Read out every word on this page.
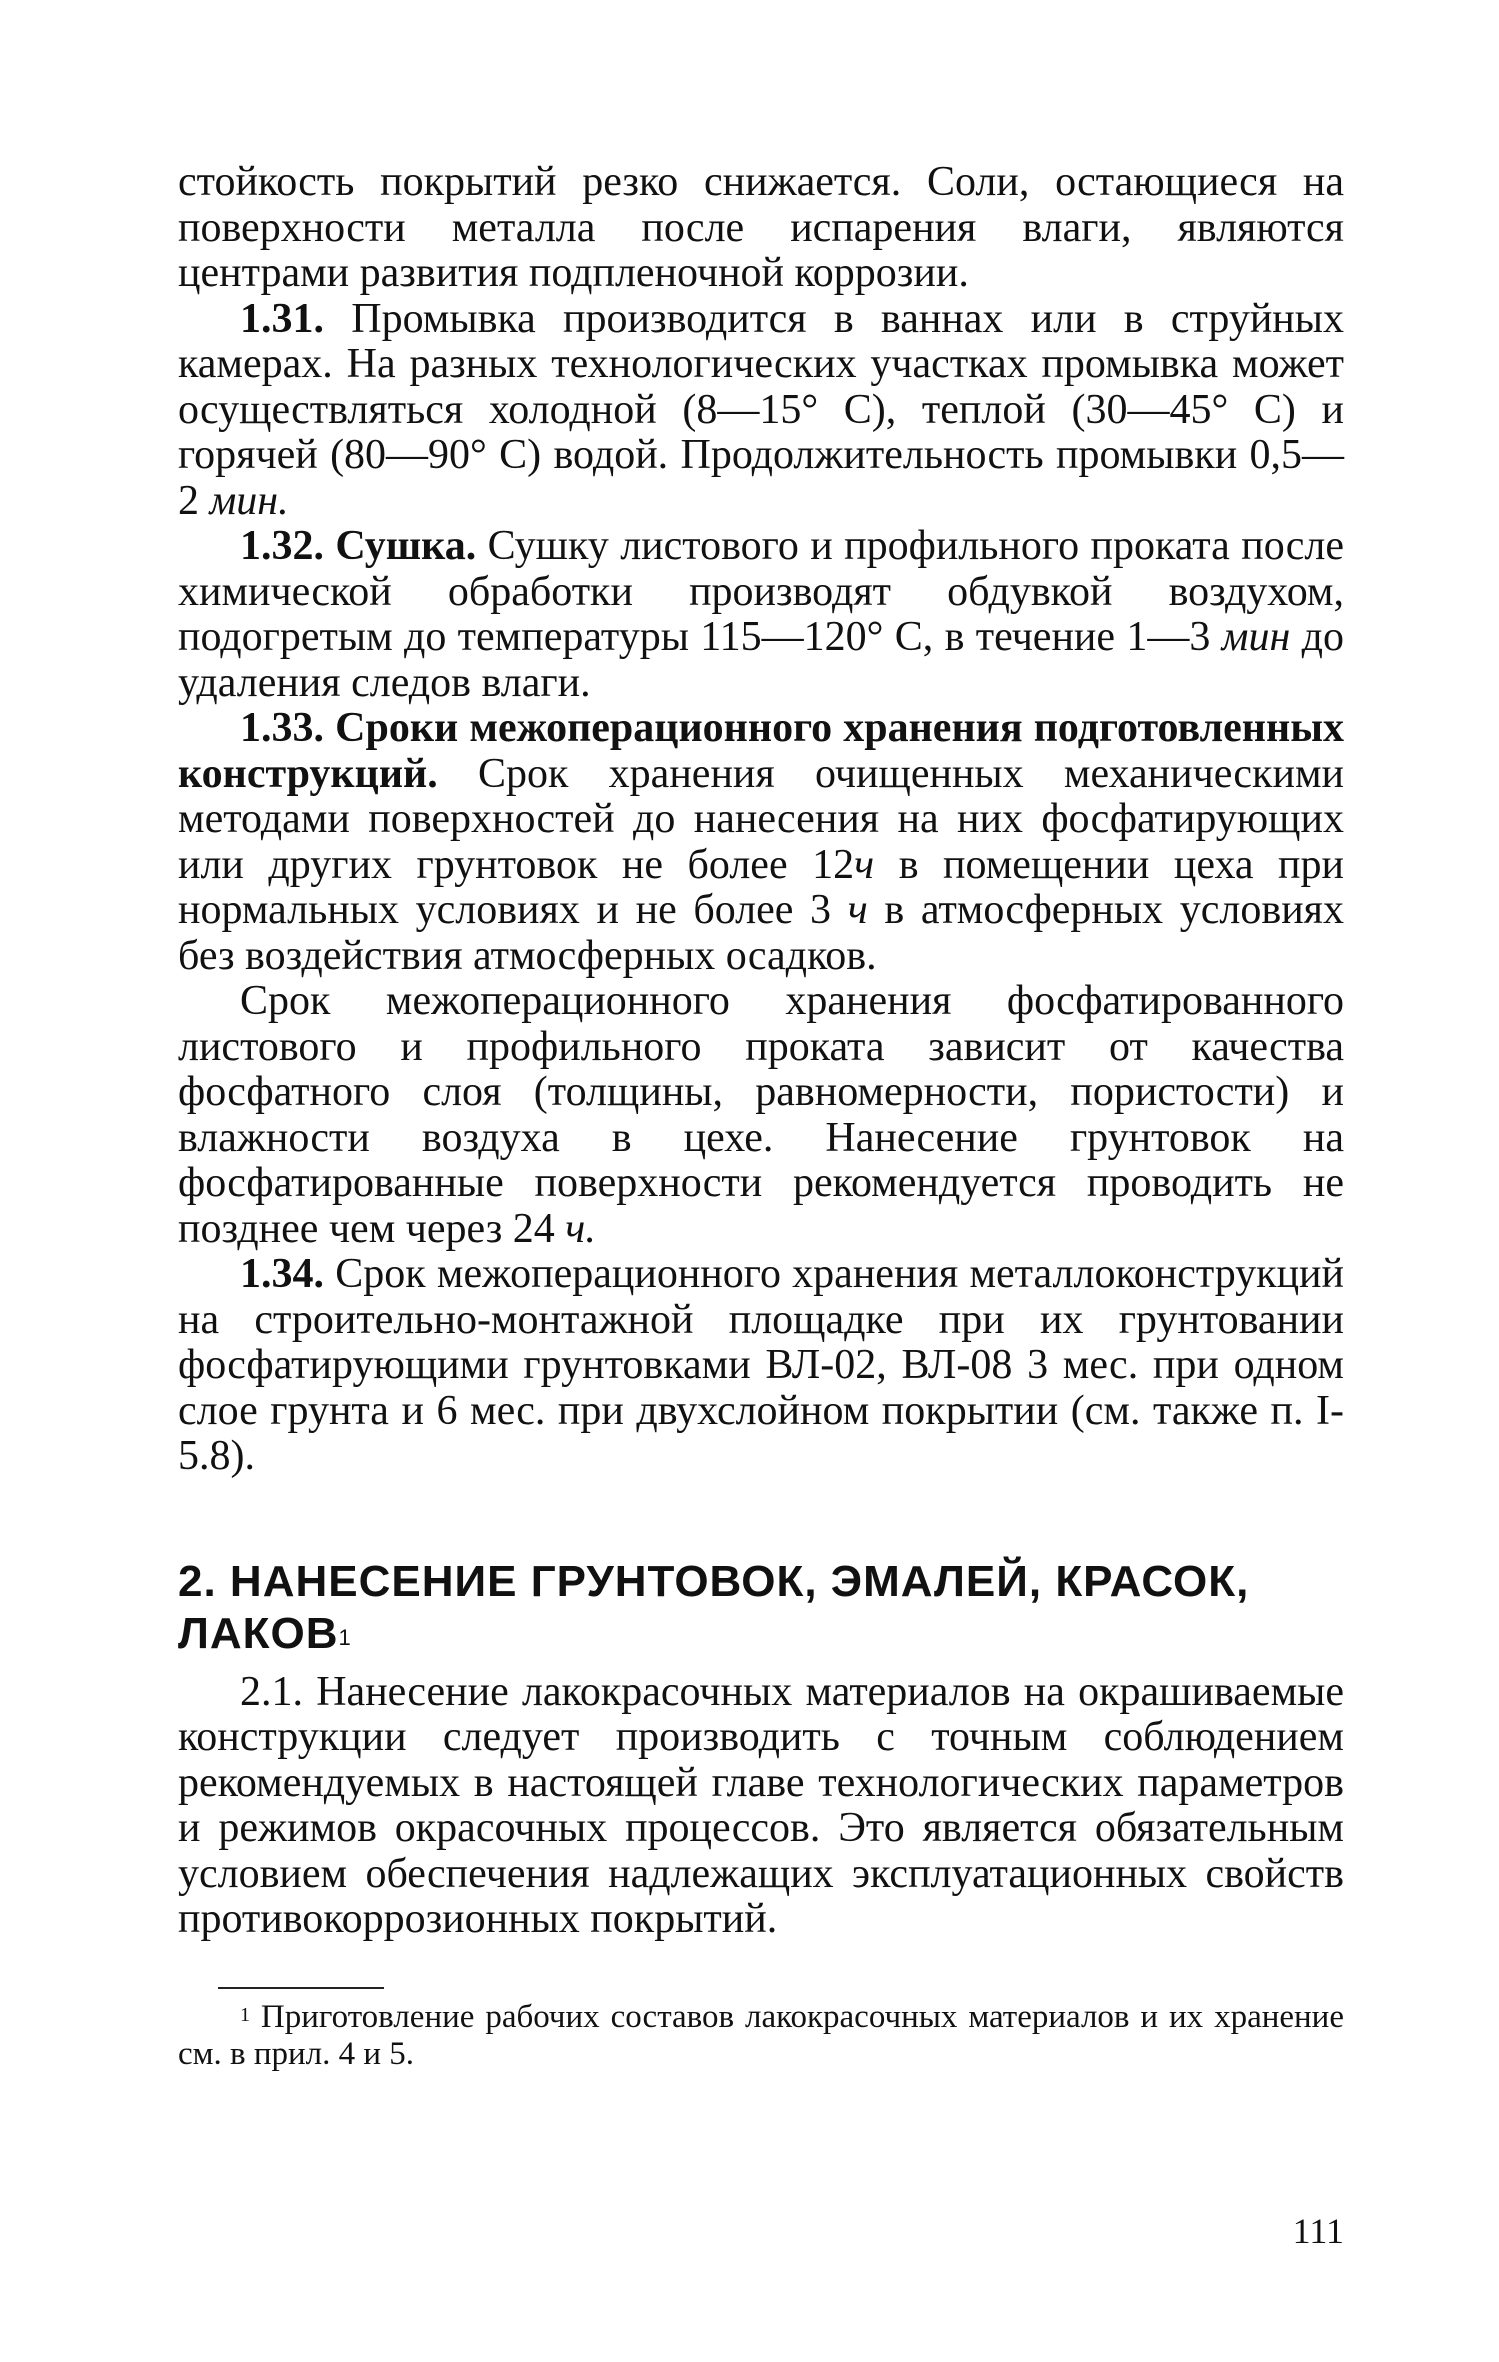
стойкость покрытий резко снижается. Соли, остающиеся на поверхности металла после испарения влаги, являются центрами развития подпленочной коррозии.

1.31. Промывка производится в ваннах или в струйных камерах. На разных технологических участках промывка может осуществляться холодной (8—15° С), теплой (30—45° С) и горячей (80—90° С) водой. Продолжительность промывки 0,5—2 мин.

1.32. Сушка. Сушку листового и профильного проката после химической обработки производят обдувкой воздухом, подогретым до температуры 115—120° С, в течение 1—3 мин до удаления следов влаги.

1.33. Сроки межоперационного хранения подготовленных конструкций. Срок хранения очищенных механическими методами поверхностей до нанесения на них фосфатирующих или других грунтовок не более 12ч в помещении цеха при нормальных условиях и не более 3 ч в атмосферных условиях без воздействия атмосферных осадков.

Срок межоперационного хранения фосфатированного листового и профильного проката зависит от качества фосфатного слоя (толщины, равномерности, пористости) и влажности воздуха в цехе. Нанесение грунтовок на фосфатированные поверхности рекомендуется проводить не позднее чем через 24 ч.

1.34. Срок межоперационного хранения металлоконструкций на строительно-монтажной площадке при их грунтовании фосфатирующими грунтовками ВЛ-02, ВЛ-08 3 мес. при одном слое грунта и 6 мес. при двухслойном покрытии (см. также п. I-5.8).

2. НАНЕСЕНИЕ ГРУНТОВОК, ЭМАЛЕЙ, КРАСОК, ЛАКОВ$^1$

2.1. Нанесение лакокрасочных материалов на окрашиваемые конструкции следует производить с точным соблюдением рекомендуемых в настоящей главе технологических параметров и режимов окрасочных процессов. Это является обязательным условием обеспечения надлежащих эксплуатационных свойств противокоррозионных покрытий.

$^1$ Приготовление рабочих составов лакокрасочных материалов и их хранение см. в прил. 4 и 5.

111
